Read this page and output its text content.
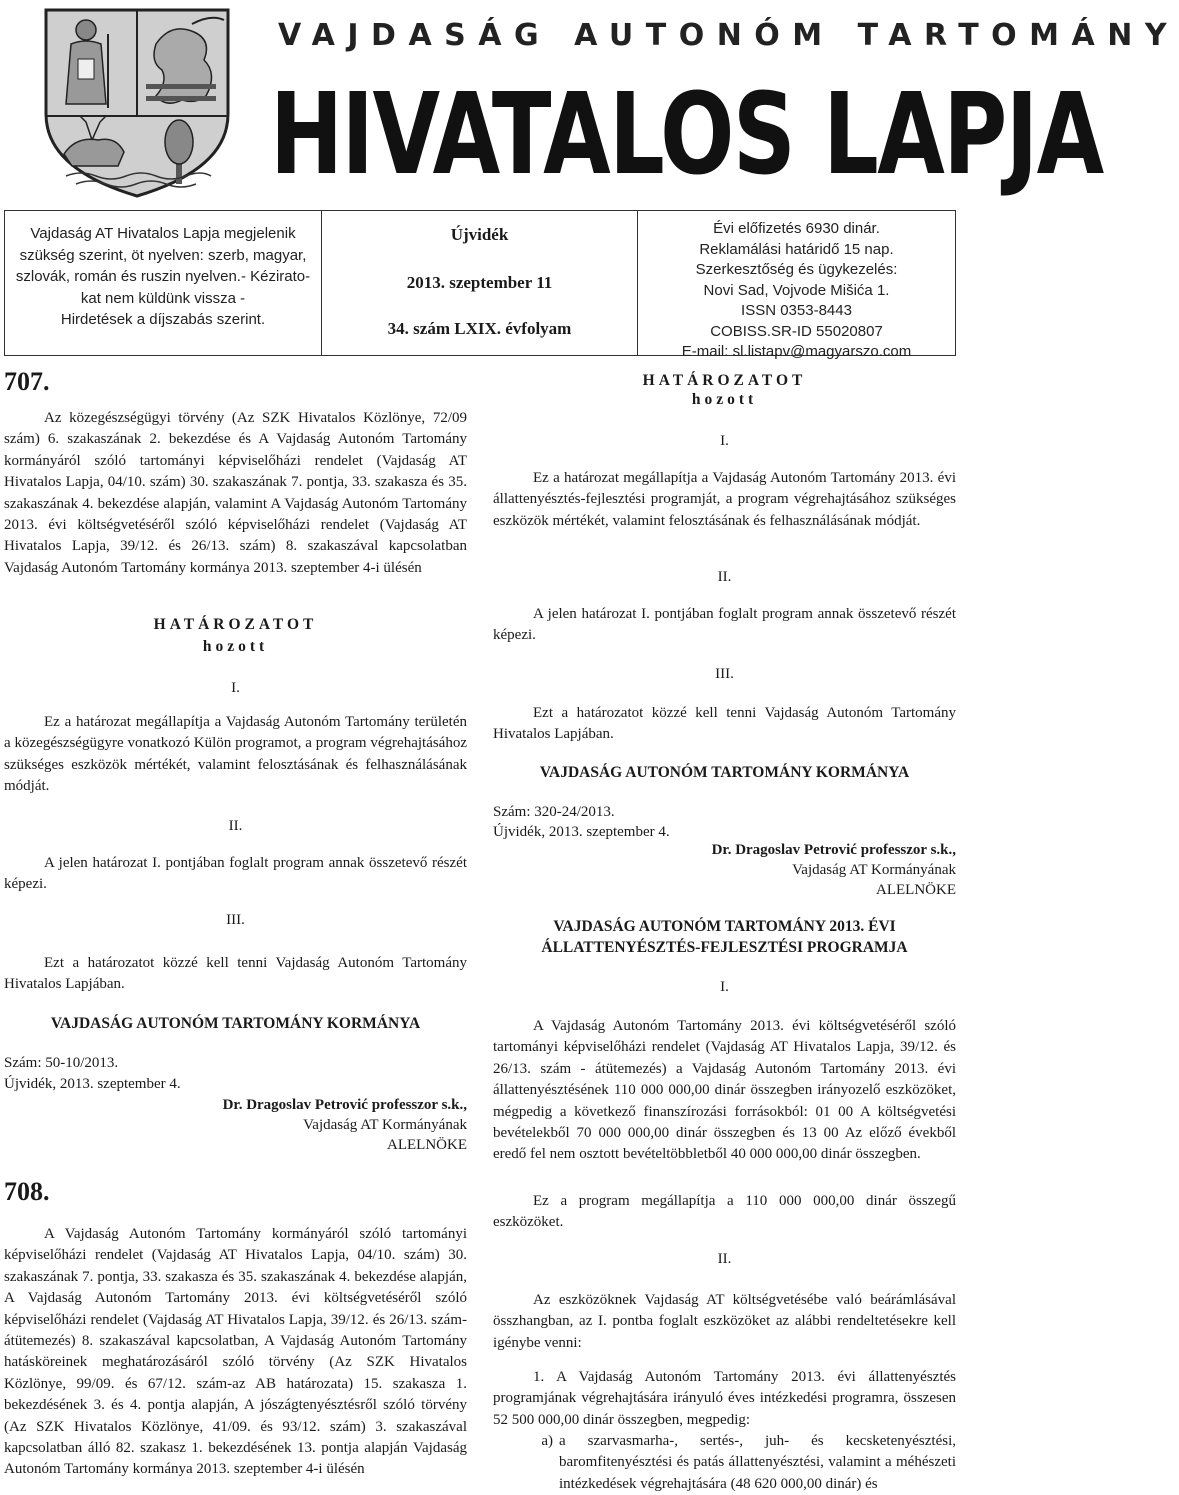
VAJDASÁG AUTONÓM TARTOMÁNY
HIVATALOS LAPJA
Vajdaság AT Hivatalos Lapja megjelenik
szükség szerint, öt nyelven: szerb, magyar,
szlovák, román és ruszin nyelven.- Kézirato-
kat nem küldünk vissza -
Hirdetések a díjszabás szerint.
Újvidék
2013. szeptember 11
34. szám LXIX. évfolyam
Évi előfizetés 6930 dinár.
Reklamálási határidő 15 nap.
Szerkesztőség és ügykezelés:
Novi Sad, Vojvode Mišića 1.
ISSN 0353-8443
COBISS.SR-ID 55020807
E-mail: sl.listapv@magyarszo.com
707.

Az közegészségügyi törvény (Az SZK Hivatalos Közlönye, 72/09 szám) 6. szakaszának 2. bekezdése és A Vajdaság Autonóm Tartomány kormányáról szóló tartományi képviselőházi rendelet (Vajdaság AT Hivatalos Lapja, 04/10. szám) 30. szakaszának 7. pontja, 33. szakasza és 35. szakaszának 4. bekezdése alapján, valamint A Vajdaság Autonóm Tartomány 2013. évi költségvetéséről szóló képviselőházi rendelet (Vajdaság AT Hivatalos Lapja, 39/12. és 26/13. szám) 8. szakaszával kapcsolatban Vajdaság Autonóm Tartomány kormánya 2013. szeptember 4-i ülésén

HATÁROZATOT
hozott
I.

Ez a határozat megállapítja a Vajdaság Autonóm Tartomány területén a közegészségügyre vonatkozó Külön programot, a program végrehajtásához szükséges eszközök mértékét, valamint felosztásának és felhasználásának módját.

II.

A jelen határozat I. pontjában foglalt program annak összetevő részét képezi.

III.

Ezt a határozatot közzé kell tenni Vajdaság Autonóm Tartomány Hivatalos Lapjában.

VAJDASÁG AUTONÓM TARTOMÁNY KORMÁNYA
Szám: 50-10/2013.
Újvidék, 2013. szeptember 4.
Dr. Dragoslav Petrović professzor s.k.,
Vajdaság AT Kormányának
ALELNÖKE
708.

A Vajdaság Autonóm Tartomány kormányáról szóló tartományi képviselőházi rendelet (Vajdaság AT Hivatalos Lapja, 04/10. szám) 30. szakaszának 7. pontja, 33. szakasza és 35. szakaszának 4. bekezdése alapján, A Vajdaság Autonóm Tartomány 2013. évi költségvetéséről szóló képviselőházi rendelet (Vajdaság AT Hivatalos Lapja, 39/12. és 26/13. szám-átütemezés) 8. szakaszával kapcsolatban, A Vajdaság Autonóm Tartomány hatásköreinek meghatározásáról szóló törvény (Az SZK Hivatalos Közlönye, 99/09. és 67/12. szám-az AB határozata) 15. szakasza 1. bekezdésének 3. és 4. pontja alapján, A jószágtenyésztésről szóló törvény (Az SZK Hivatalos Közlönye, 41/09. és 93/12. szám) 3. szakaszával kapcsolatban álló 82. szakasz 1. bekezdésének 13. pontja alapján Vajdaság Autonóm Tartomány kormánya 2013. szeptember 4-i ülésén

HATÁROZATOT
hozott
I.

Ez a határozat megállapítja a Vajdaság Autonóm Tartomány 2013. évi állattenyésztés-fejlesztési programját, a program végrehajtásához szükséges eszközök mértékét, valamint felosztásának és felhasználásának módját.

II.

A jelen határozat I. pontjában foglalt program annak összetevő részét képezi.

III.

Ezt a határozatot közzé kell tenni Vajdaság Autonóm Tartomány Hivatalos Lapjában.

VAJDASÁG AUTONÓM TARTOMÁNY KORMÁNYA
Szám: 320-24/2013.
Újvidék, 2013. szeptember 4.
Dr. Dragoslav Petrović professzor s.k.,
Vajdaság AT Kormányának
ALELNÖKE
VAJDASÁG AUTONÓM TARTOMÁNY 2013. ÉVI
ÁLLATTENYÉSZTÉS-FEJLESZTÉSI PROGRAMJA
I.

A Vajdaság Autonóm Tartomány 2013. évi költségvetéséről szóló tartományi képviselőházi rendelet (Vajdaság AT Hivatalos Lapja, 39/12. és 26/13. szám - átütemezés) a Vajdaság Autonóm Tartomány 2013. évi állattenyésztésének 110 000 000,00 dinár összegben irányozelő eszközöket, mégpedig a következő finanszírozási forrásokból: 01 00 A költségvetési bevételekből 70 000 000,00 dinár összegben és 13 00 Az előző évekből eredő fel nem osztott bevételtöbbletből 40 000 000,00 dinár összegben.

Ez a program megállapítja a 110 000 000,00 dinár összegű eszközöket.

II.

Az eszközöknek Vajdaság AT költségvetésébe való beárámlásával összhangban, az I. pontba foglalt eszközöket az alábbi rendeltetésekre kell igénybe venni:

1. A Vajdaság Autonóm Tartomány 2013. évi állattenyésztés programjának végrehajtására irányuló éves intézkedési programra, összesen 52 500 000,00 dinár összegben, megpedig:

a) a szarvasmarha-, sertés-, juh- és kecsketenyésztési, baromfitenyésztési és patás állattenyésztési, valamint a méhészeti intézkedések végrehajtására (48 620 000,00 dinár) és
